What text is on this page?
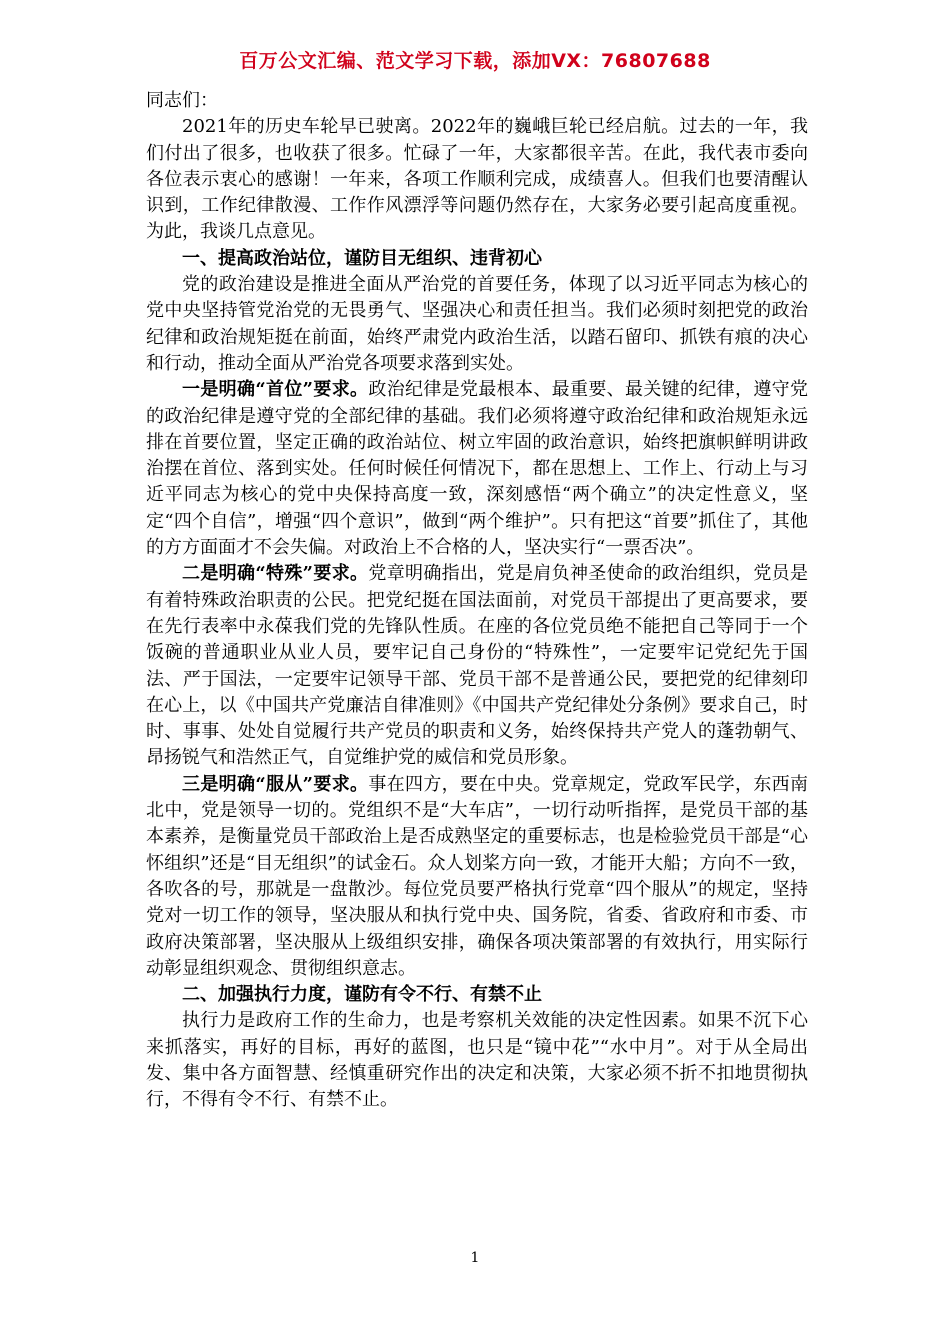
百万公文汇编、范文学习下载，添加VX：76807688

同志们：

2021年的历史车轮早已驶离。2022年的巍峨巨轮已经启航。过去的一年，我们付出了很多，也收获了很多。忙碌了一年，大家都很辛苦。在此，我代表市委向各位表示衷心的感谢！一年来，各项工作顺利完成，成绩喜人。但我们也要清醒认识到，工作纪律散漫、工作作风漂浮等问题仍然存在，大家务必要引起高度重视。为此，我谈几点意见。

一、提高政治站位，谨防目无组织、违背初心

党的政治建设是推进全面从严治党的首要任务，体现了以习近平同志为核心的党中央坚持管党治党的无畏勇气、坚强决心和责任担当。我们必须时刻把党的政治纪律和政治规矩挺在前面，始终严肃党内政治生活，以踏石留印、抓铁有痕的决心和行动，推动全面从严治党各项要求落到实处。

一是明确“首位”要求。政治纪律是党最根本、最重要、最关键的纪律，遵守党的政治纪律是遵守党的全部纪律的基础。我们必须将遵守政治纪律和政治规矩永远排在首要位置，坚定正确的政治站位、树立牢固的政治意识，始终把旗帜鲜明讲政治摆在首位、落到实处。任何时候任何情况下，都在思想上、工作上、行动上与习近平同志为核心的党中央保持高度一致，深刻感悟“两个确立”的决定性意义，坚定“四个自信”，增强“四个意识”，做到“两个维护”。只有把这“首要”抓住了，其他的方方面面才不会失偏。对政治上不合格的人，坚决实行“一票否决”。

二是明确“特殊”要求。党章明确指出，党是肩负神圣使命的政治组织，党员是有着特殊政治职责的公民。把党纪挺在国法面前，对党员干部提出了更高要求，要在先行表率中永葆我们党的先锋队性质。在座的各位党员绝不能把自己等同于一个饭碗的普通职业从业人员，要牢记自己身份的“特殊性”，一定要牢记党纪先于国法、严于国法，一定要牢记领导干部、党员干部不是普通公民，要把党的纪律刻印在心上，以《中国共产党廉洁自律准则》《中国共产党纪律处分条例》要求自己，时时、事事、处处自觉履行共产党员的职责和义务，始终保持共产党人的蓬勃朝气、昂扬锐气和浩然正气，自觉维护党的威信和党员形象。

三是明确“服从”要求。事在四方，要在中央。党章规定，党政军民学，东西南北中，党是领导一切的。党组织不是“大车店”，一切行动听指挥，是党员干部的基本素养，是衡量党员干部政治上是否成熟坚定的重要标志，也是检验党员干部是“心怀组织”还是“目无组织”的试金石。众人划桨方向一致，才能开大船；方向不一致，各吹各的号，那就是一盘散沙。每位党员要严格执行党章“四个服从”的规定，坚持党对一切工作的领导，坚决服从和执行党中央、国务院，省委、省政府和市委、市政府决策部署，坚决服从上级组织安排，确保各项决策部署的有效执行，用实际行动彰显组织观念、贯彻组织意志。

二、加强执行力度，谨防有令不行、有禁不止

执行力是政府工作的生命力，也是考察机关效能的决定性因素。如果不沉下心来抓落实，再好的目标，再好的蓝图，也只是“镜中花”“水中月”。对于从全局出发、集中各方面智慧、经慎重研究作出的决定和决策，大家必须不折不扣地贯彻执行，不得有令不行、有禁不止。

1
